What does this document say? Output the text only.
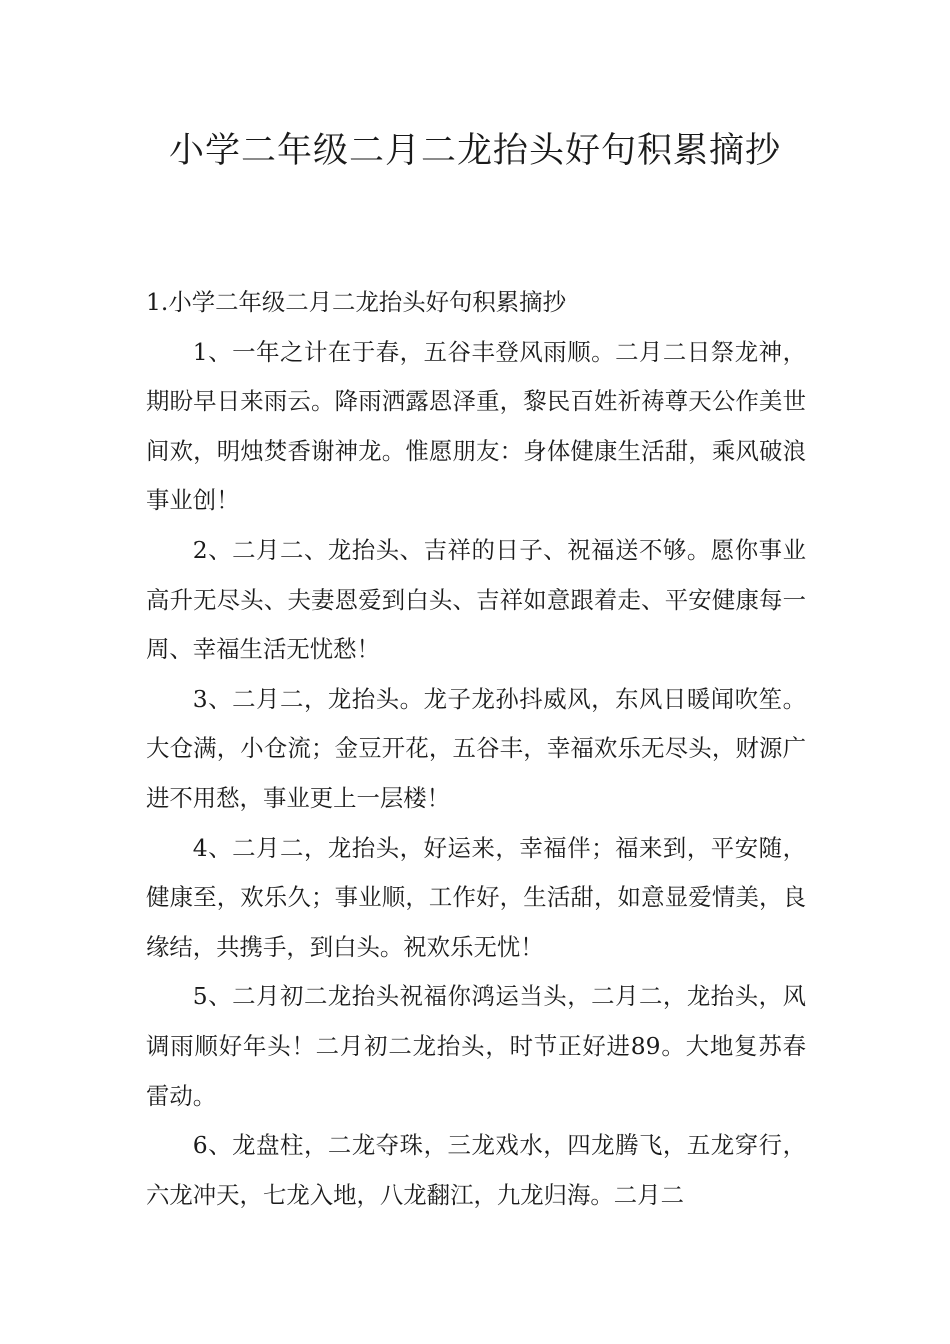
小学二年级二月二龙抬头好句积累摘抄

1.小学二年级二月二龙抬头好句积累摘抄

1、一年之计在于春，五谷丰登风雨顺。二月二日祭龙神，期盼早日来雨云。降雨洒露恩泽重，黎民百姓祈祷尊天公作美世间欢，明烛焚香谢神龙。惟愿朋友：身体健康生活甜，乘风破浪事业创！

2、二月二、龙抬头、吉祥的日子、祝福送不够。愿你事业高升无尽头、夫妻恩爱到白头、吉祥如意跟着走、平安健康每一周、幸福生活无忧愁！

3、二月二，龙抬头。龙子龙孙抖威风，东风日暖闻吹笙。大仓满，小仓流；金豆开花，五谷丰，幸福欢乐无尽头，财源广进不用愁，事业更上一层楼！

4、二月二，龙抬头，好运来，幸福伴；福来到，平安随，健康至，欢乐久；事业顺，工作好，生活甜，如意显爱情美，良缘结，共携手，到白头。祝欢乐无忧！

5、二月初二龙抬头祝福你鸿运当头，二月二，龙抬头，风调雨顺好年头！二月初二龙抬头，时节正好进89。大地复苏春雷动。

6、龙盘柱，二龙夺珠，三龙戏水，四龙腾飞，五龙穿行，六龙冲天，七龙入地，八龙翻江，九龙归海。二月二
